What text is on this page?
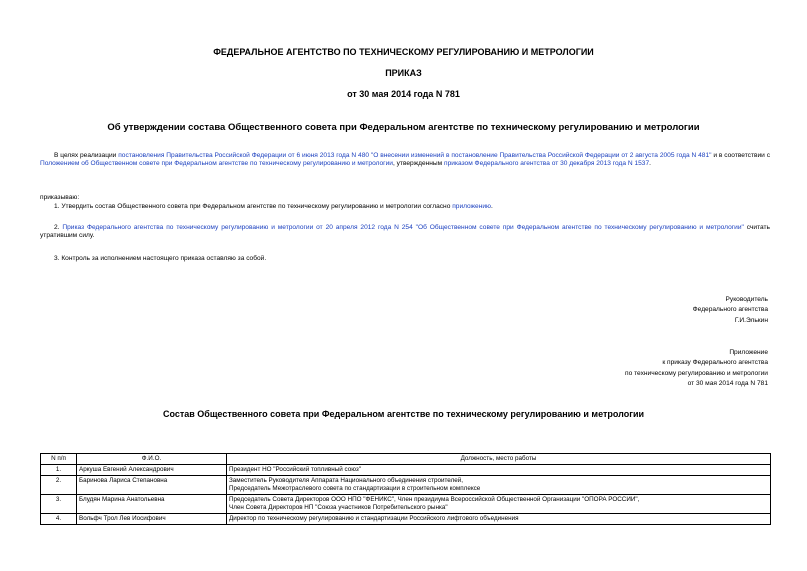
ФЕДЕРАЛЬНОЕ АГЕНТСТВО ПО ТЕХНИЧЕСКОМУ РЕГУЛИРОВАНИЮ И МЕТРОЛОГИИ
ПРИКАЗ
от 30 мая 2014 года N 781
Об утверждении состава Общественного совета при Федеральном агентстве по техническому регулированию и метрологии
В целях реализации постановления Правительства Российской Федерации от 6 июня 2013 года N 480 "О внесении изменений в постановление Правительства Российской Федерации от 2 августа 2005 года N 481" и в соответствии с Положением об Общественном совете при Федеральном агентстве по техническому регулированию и метрологии, утвержденным приказом Федерального агентства от 30 декабря 2013 года N 1537.
приказываю:
1. Утвердить состав Общественного совета при Федеральном агентстве по техническому регулированию и метрологии согласно приложению.
2. Приказ Федерального агентства по техническому регулированию и метрологии от 20 апреля 2012 года N 254 "Об Общественном совете при Федеральном агентстве по техническому регулированию и метрологии" считать утратившим силу.
3. Контроль за исполнением настоящего приказа оставляю за собой.
Руководитель
Федерального агентства
Г.И.Элькин
Приложение
к приказу Федерального агентства
по техническому регулированию и метрологии
от 30 мая 2014 года N 781
Состав Общественного совета при Федеральном агентстве по техническому регулированию и метрологии
N п/п	Ф.И.О.	Должность, место работы
1.	Аркуша Евгений Александрович	Президент НО "Российский топливный союз"

2.	Баринова Лариса Степановна	Заместитель Руководителя Аппарата Национального объединения строителей,
Председатель Межотраслевого совета по стандартизации в строительном комплексе

3.	Блудян Марина Анатольевна	Председатель Совета Директоров ООО НПО "ФЕНИКС", Член президиума Всероссийской Общественной Организации "ОПОРА РОССИИ",
Член Совета Директоров НП "Союза участников Потребительского рынка"

4.	Вольфч Трол Лев Иосифович	Директор по техническому регулированию и стандартизации Российского лифтового объединения
